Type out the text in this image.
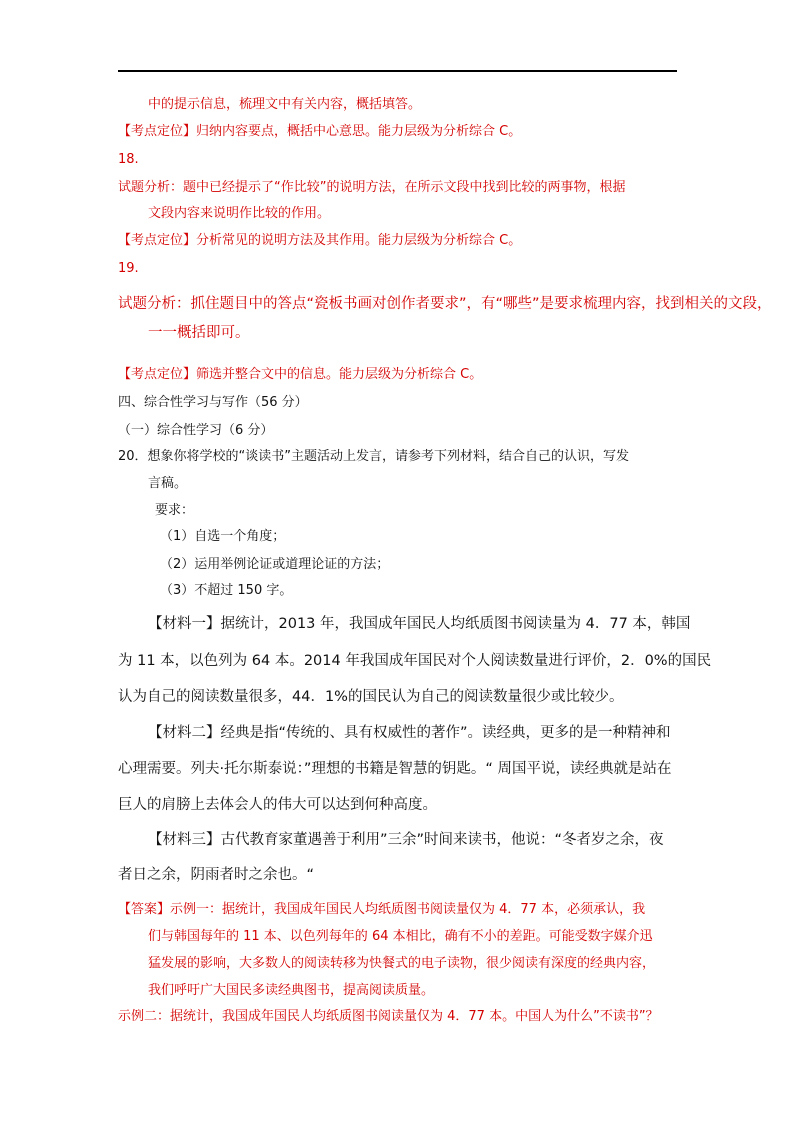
中的提示信息，梳理文中有关内容，概括填答。
【考点定位】归纳内容要点，概括中心意思。能力层级为分析综合 C。
18.
试题分析：题中已经提示了“作比较”的说明方法，在所示文段中找到比较的两事物，根据
文段内容来说明作比较的作用。
【考点定位】分析常见的说明方法及其作用。能力层级为分析综合 C。
19.
试题分析：抓住题目中的答点“瓷板书画对创作者要求”，有“哪些”是要求梳理内容，找到相关的文段，
一一概括即可。
【考点定位】筛选并整合文中的信息。能力层级为分析综合 C。
四、综合性学习与写作（56 分）
（一）综合性学习（6 分）
20．想象你将学校的“谈读书”主题活动上发言，请参考下列材料，结合自己的认识，写发
言稿。
要求：
（1）自选一个角度；
（2）运用举例论证或道理论证的方法；
（3）不超过 150 字。
【材料一】据统计，2013 年，我国成年国民人均纸质图书阅读量为 4．77 本，韩国
为 11 本，以色列为 64 本。2014 年我国成年国民对个人阅读数量进行评价，2．0%的国民
认为自己的阅读数量很多，44．1%的国民认为自己的阅读数量很少或比较少。
【材料二】经典是指“传统的、具有权威性的著作”。读经典，更多的是一种精神和
心理需要。列夫·托尔斯泰说：”理想的书籍是智慧的钥匙。“ 周国平说，读经典就是站在
巨人的肩膀上去体会人的伟大可以达到何种高度。
【材料三】古代教育家董遇善于利用”三余”时间来读书，他说：“冬者岁之余，夜
者日之余，阴雨者时之余也。“
【答案】示例一：据统计，我国成年国民人均纸质图书阅读量仅为 4．77 本，必须承认，我
们与韩国每年的 11 本、以色列每年的 64 本相比，确有不小的差距。可能受数字媒介迅
猛发展的影响，大多数人的阅读转移为快餐式的电子读物，很少阅读有深度的经典内容，
我们呼吁广大国民多读经典图书，提高阅读质量。
示例二：据统计，我国成年国民人均纸质图书阅读量仅为 4．77 本。中国人为什么”不读书”？
